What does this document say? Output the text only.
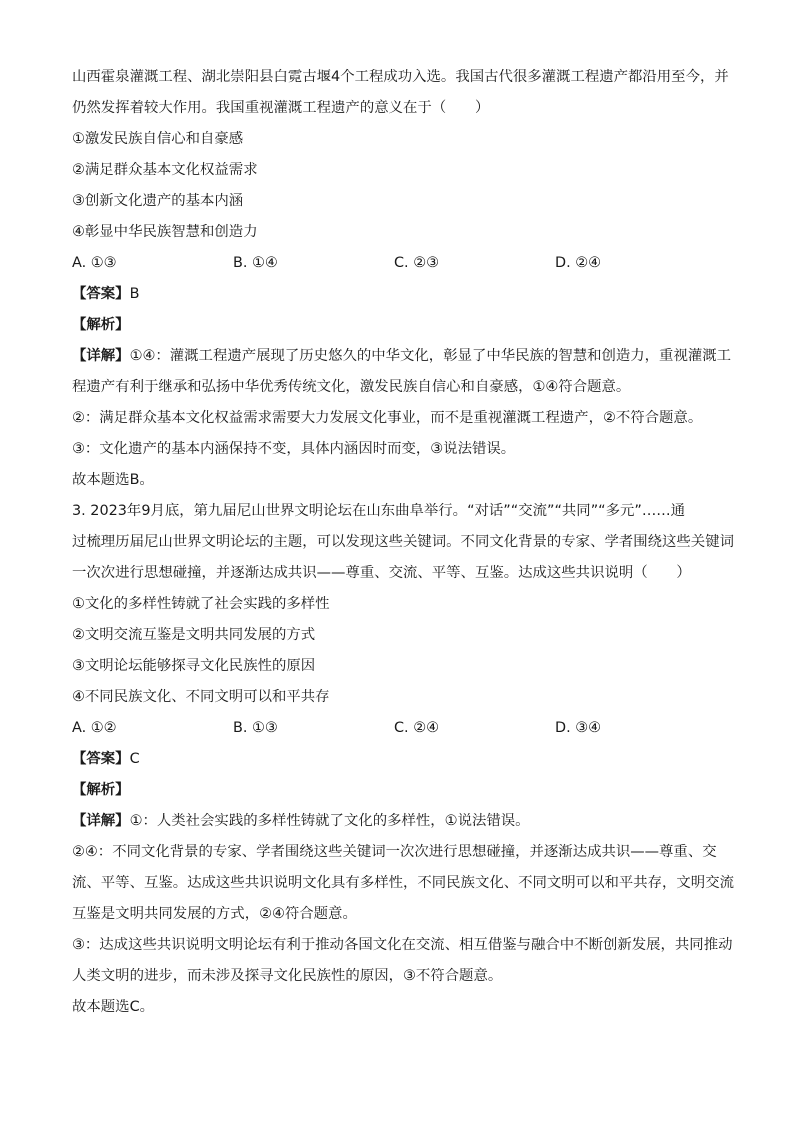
山西霍泉灌溉工程、湖北崇阳县白霓古堰4个工程成功入选。我国古代很多灌溉工程遗产都沿用至今，并
仍然发挥着较大作用。我国重视灌溉工程遗产的意义在于（　　）
①激发民族自信心和自豪感
②满足群众基本文化权益需求
③创新文化遗产的基本内涵
④彰显中华民族智慧和创造力
A. ①③	B. ①④	C. ②③	D. ②④
【答案】B
【解析】
【详解】①④：灌溉工程遗产展现了历史悠久的中华文化，彰显了中华民族的智慧和创造力，重视灌溉工
程遗产有利于继承和弘扬中华优秀传统文化，激发民族自信心和自豪感，①④符合题意。
②：满足群众基本文化权益需求需要大力发展文化事业，而不是重视灌溉工程遗产，②不符合题意。
③：文化遗产的基本内涵保持不变，具体内涵因时而变，③说法错误。
故本题选B。
3. 2023年9月底，第九届尼山世界文明论坛在山东曲阜举行。“对话”“交流”“共同”“多元”……通
过梳理历届尼山世界文明论坛的主题，可以发现这些关键词。不同文化背景的专家、学者围绕这些关键词
一次次进行思想碰撞，并逐渐达成共识——尊重、交流、平等、互鉴。达成这些共识说明（　　）
①文化的多样性铸就了社会实践的多样性
②文明交流互鉴是文明共同发展的方式
③文明论坛能够探寻文化民族性的原因
④不同民族文化、不同文明可以和平共存
A. ①②	B. ①③	C. ②④	D. ③④
【答案】C
【解析】
【详解】①：人类社会实践的多样性铸就了文化的多样性，①说法错误。
②④：不同文化背景的专家、学者围绕这些关键词一次次进行思想碰撞，并逐渐达成共识——尊重、交
流、平等、互鉴。达成这些共识说明文化具有多样性，不同民族文化、不同文明可以和平共存，文明交流
互鉴是文明共同发展的方式，②④符合题意。
③：达成这些共识说明文明论坛有利于推动各国文化在交流、相互借鉴与融合中不断创新发展，共同推动
人类文明的进步，而未涉及探寻文化民族性的原因，③不符合题意。
故本题选C。
